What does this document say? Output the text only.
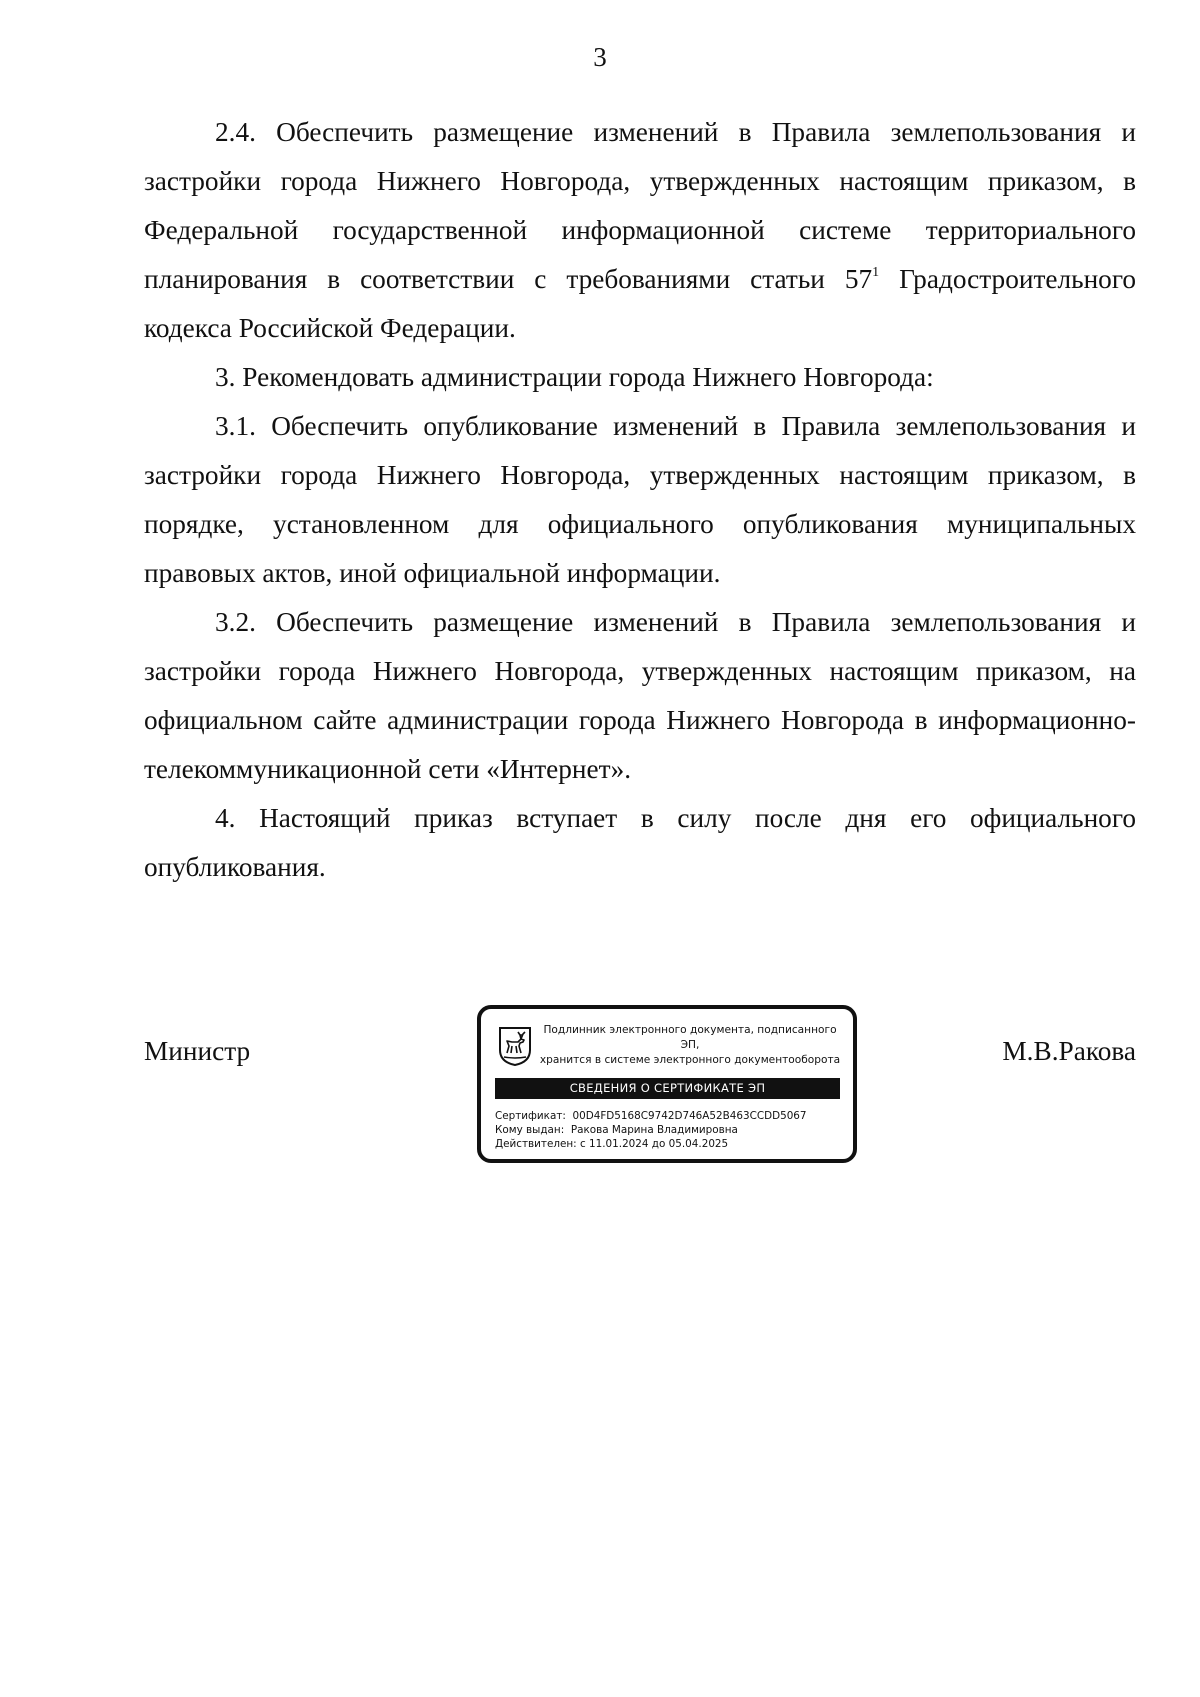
3

2.4. Обеспечить размещение изменений в Правила землепользования и застройки города Нижнего Новгорода, утвержденных настоящим приказом, в Федеральной государственной информационной системе территориального планирования в соответствии с требованиями статьи $57^1$ Градостроительного кодекса Российской Федерации.

3. Рекомендовать администрации города Нижнего Новгорода:

3.1. Обеспечить опубликование изменений в Правила землепользования и застройки города Нижнего Новгорода, утвержденных настоящим приказом, в порядке, установленном для официального опубликования муниципальных правовых актов, иной официальной информации.

3.2. Обеспечить размещение изменений в Правила землепользования и застройки города Нижнего Новгорода, утвержденных настоящим приказом, на официальном сайте администрации города Нижнего Новгорода в информационно-телекоммуникационной сети «Интернет».

4. Настоящий приказ вступает в силу после дня его официального опубликования.

Министр
Подлинник электронного документа, подписанного ЭП,
хранится в системе электронного документооборота
СВЕДЕНИЯ О СЕРТИФИКАТЕ ЭП
Сертификат: 00D4FD5168C9742D746A52B463CCDD5067
Кому выдан: Ракова Марина Владимировна
Действителен: с 11.01.2024 до 05.04.2025
М.В.Ракова
